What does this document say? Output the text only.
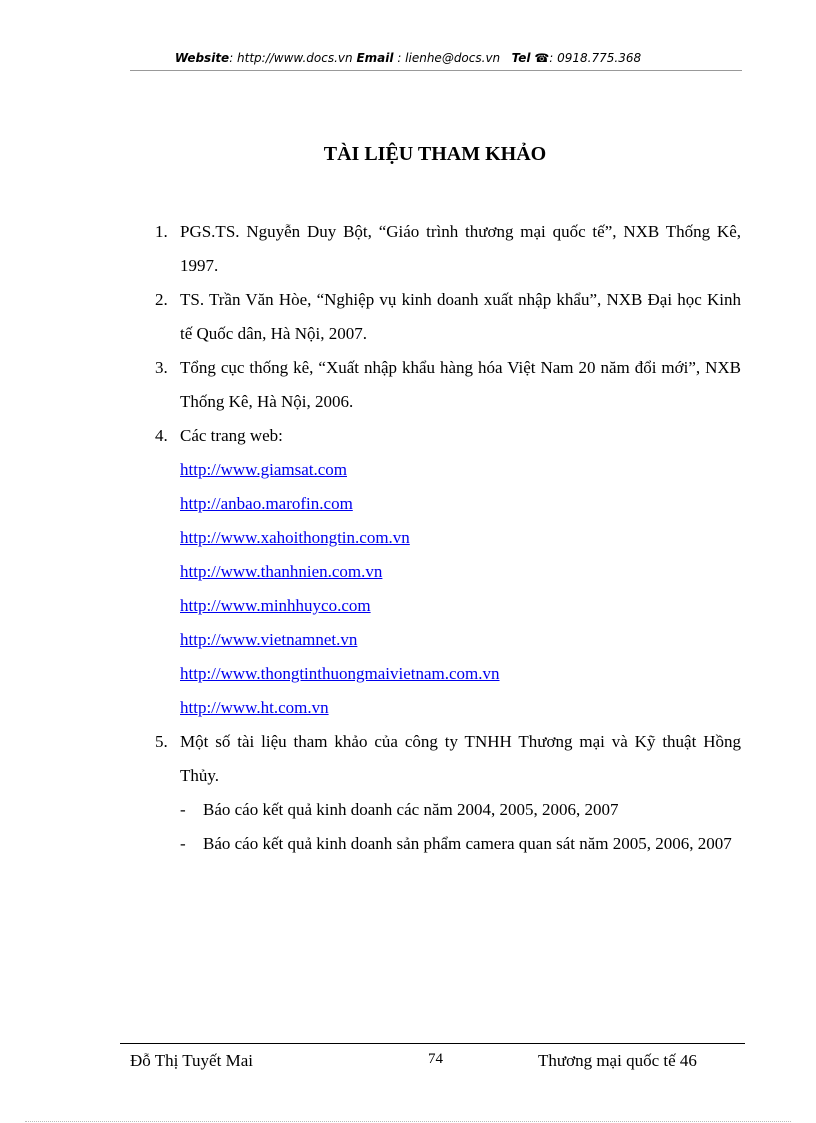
Website: http://www.docs.vn Email : lienhe@docs.vn Tel ☎: 0918.775.368
TÀI LIỆU THAM KHẢO
1. PGS.TS. Nguyễn Duy Bột, “Giáo trình thương mại quốc tế”, NXB Thống Kê, 1997.
2. TS. Trần Văn Hòe, “Nghiệp vụ kinh doanh xuất nhập khẩu”, NXB Đại học Kinh tế Quốc dân, Hà Nội, 2007.
3. Tổng cục thống kê, “Xuất nhập khẩu hàng hóa Việt Nam 20 năm đổi mới”, NXB Thống Kê, Hà Nội, 2006.
4. Các trang web:
http://www.giamsat.com
http://anbao.marofin.com
http://www.xahoithongtin.com.vn
http://www.thanhnien.com.vn
http://www.minhhuyco.com
http://www.vietnamnet.vn
http://www.thongtinthuongmaivietnam.com.vn
http://www.ht.com.vn
5. Một số tài liệu tham khảo của công ty TNHH Thương mại và Kỹ thuật Hồng Thủy.
- Báo cáo kết quả kinh doanh các năm 2004, 2005, 2006, 2007
- Báo cáo kết quả kinh doanh sản phẩm camera quan sát năm 2005, 2006, 2007
Đỗ Thị Tuyết Mai	74	Thương mại quốc tế 46
